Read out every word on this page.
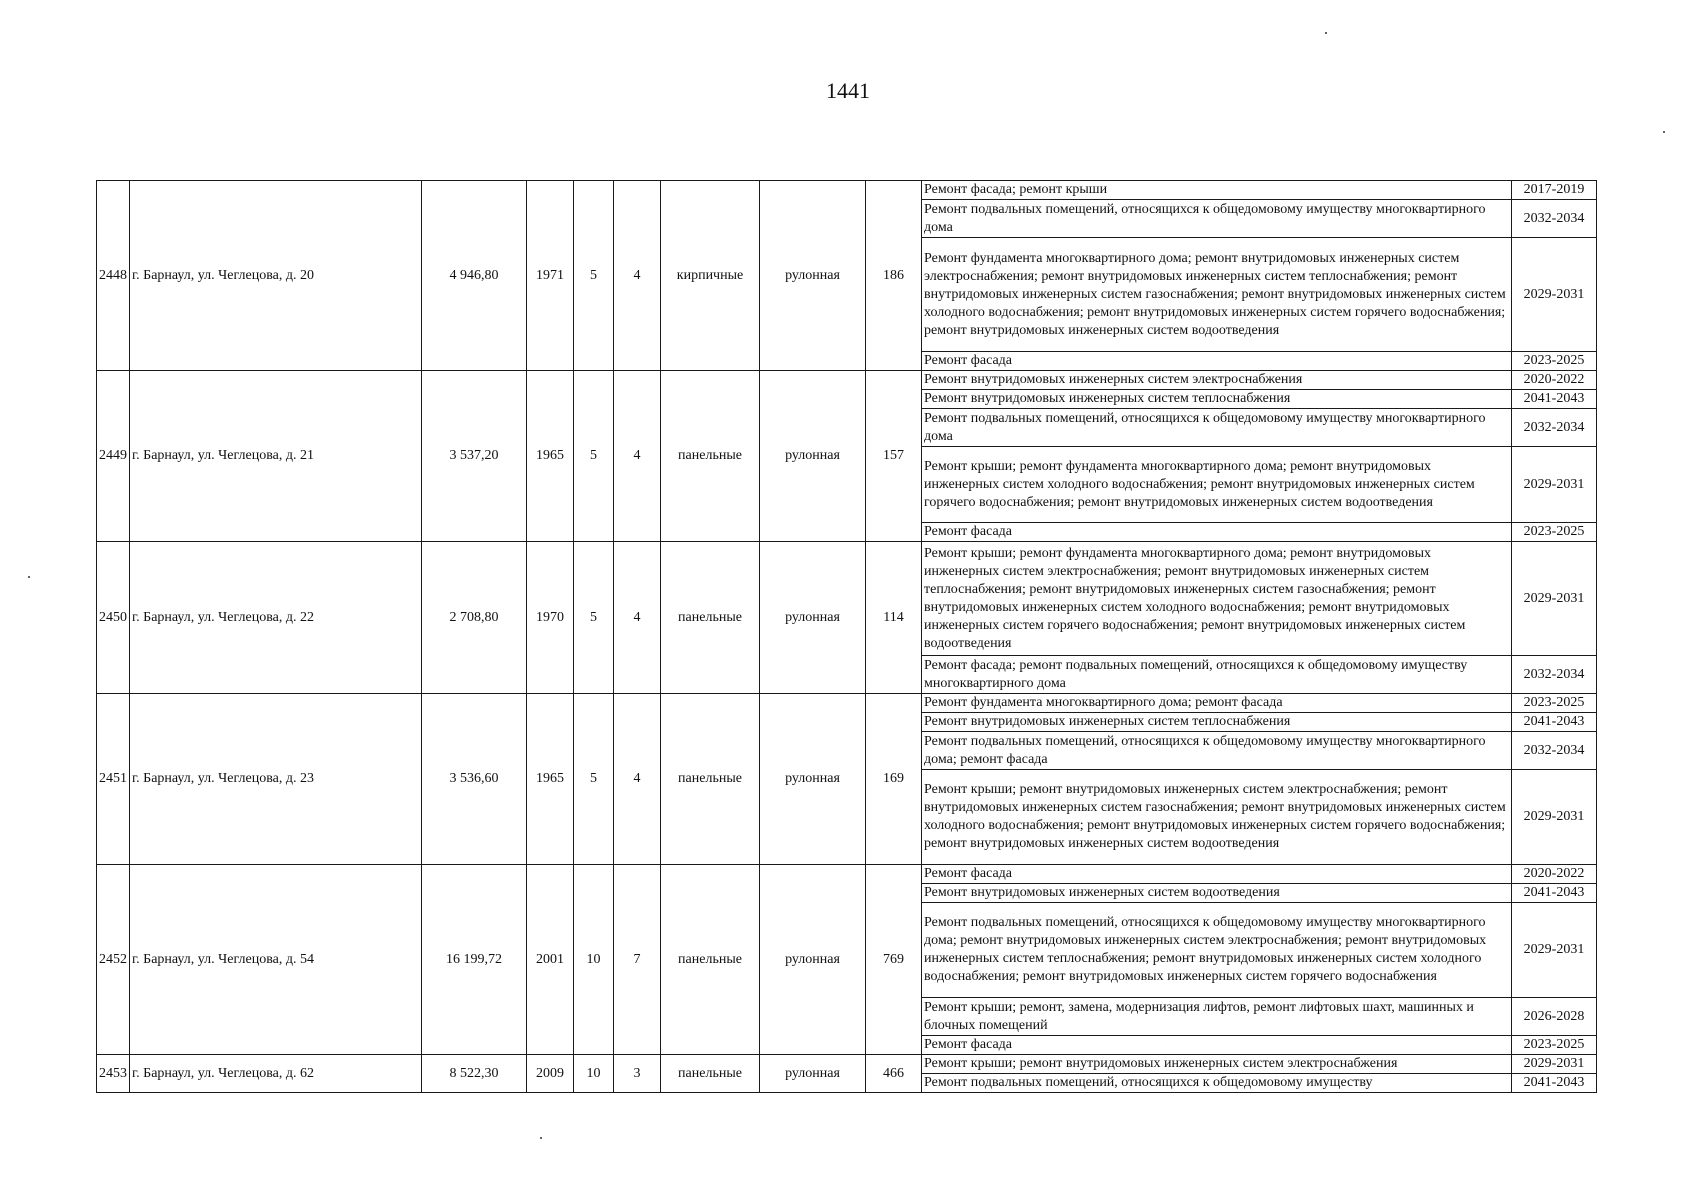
1441
2448	г. Барнаул, ул. Чеглецова, д. 20	4 946,80	1971	5	4	кирпичные	рулонная	186	Ремонт фасада; ремонт крыши	2017-2019
									Ремонт подвальных помещений, относящихся к общедомовому имуществу многоквартирного дома	2032-2034
									Ремонт фундамента многоквартирного дома; ремонт внутридомовых инженерных систем электроснабжения; ремонт внутридомовых инженерных систем теплоснабжения; ремонт внутридомовых инженерных систем газоснабжения; ремонт внутридомовых инженерных систем холодного водоснабжения; ремонт внутридомовых инженерных систем горячего водоснабжения; ремонт внутридомовых инженерных систем водоотведения	2029-2031
									Ремонт фасада	2023-2025
2449	г. Барнаул, ул. Чеглецова, д. 21	3 537,20	1965	5	4	панельные	рулонная	157	Ремонт внутридомовых инженерных систем электроснабжения	2020-2022
									Ремонт внутридомовых инженерных систем теплоснабжения	2041-2043
									Ремонт подвальных помещений, относящихся к общедомовому имуществу многоквартирного дома	2032-2034
									Ремонт крыши; ремонт фундамента многоквартирного дома; ремонт внутридомовых инженерных систем холодного водоснабжения; ремонт внутридомовых инженерных систем горячего водоснабжения; ремонт внутридомовых инженерных систем водоотведения	2029-2031
									Ремонт фасада	2023-2025
2450	г. Барнаул, ул. Чеглецова, д. 22	2 708,80	1970	5	4	панельные	рулонная	114	Ремонт крыши; ремонт фундамента многоквартирного дома; ремонт внутридомовых инженерных систем электроснабжения; ремонт внутридомовых инженерных систем теплоснабжения; ремонт внутридомовых инженерных систем газоснабжения; ремонт внутридомовых инженерных систем холодного водоснабжения; ремонт внутридомовых инженерных систем горячего водоснабжения; ремонт внутридомовых инженерных систем водоотведения	2029-2031
									Ремонт фасада; ремонт подвальных помещений, относящихся к общедомовому имуществу многоквартирного дома	2032-2034
2451	г. Барнаул, ул. Чеглецова, д. 23	3 536,60	1965	5	4	панельные	рулонная	169	Ремонт фундамента многоквартирного дома; ремонт фасада	2023-2025
									Ремонт внутридомовых инженерных систем теплоснабжения	2041-2043
									Ремонт подвальных помещений, относящихся к общедомовому имуществу многоквартирного дома; ремонт фасада	2032-2034
									Ремонт крыши; ремонт внутридомовых инженерных систем электроснабжения; ремонт внутридомовых инженерных систем газоснабжения; ремонт внутридомовых инженерных систем холодного водоснабжения; ремонт внутридомовых инженерных систем горячего водоснабжения; ремонт внутридомовых инженерных систем водоотведения	2029-2031
2452	г. Барнаул, ул. Чеглецова, д. 54	16 199,72	2001	10	7	панельные	рулонная	769	Ремонт фасада	2020-2022
									Ремонт внутридомовых инженерных систем водоотведения	2041-2043
									Ремонт подвальных помещений, относящихся к общедомовому имуществу многоквартирного дома; ремонт внутридомовых инженерных систем электроснабжения; ремонт внутридомовых инженерных систем теплоснабжения; ремонт внутридомовых инженерных систем холодного водоснабжения; ремонт внутридомовых инженерных систем горячего водоснабжения	2029-2031
									Ремонт крыши; ремонт, замена, модернизация лифтов, ремонт лифтовых шахт, машинных и блочных помещений	2026-2028
									Ремонт фасада	2023-2025
2453	г. Барнаул, ул. Чеглецова, д. 62	8 522,30	2009	10	3	панельные	рулонная	466	Ремонт крыши; ремонт внутридомовых инженерных систем электроснабжения	2029-2031
									Ремонт подвальных помещений, относящихся к общедомовому имуществу	2041-2043
